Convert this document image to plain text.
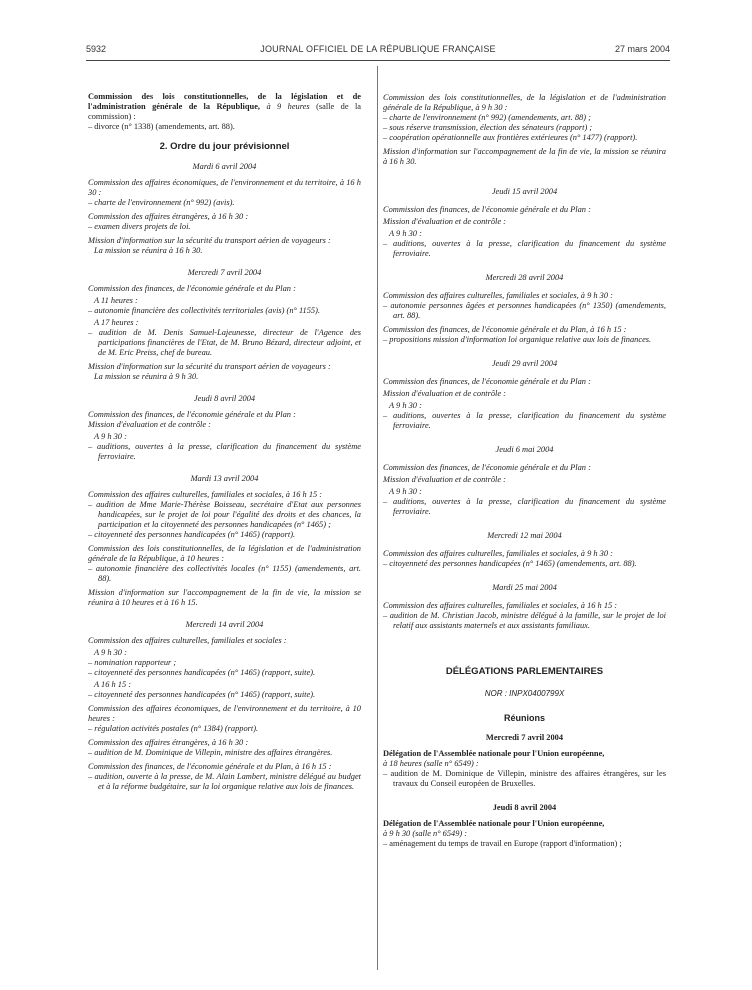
5932	JOURNAL OFFICIEL DE LA RÉPUBLIQUE FRANÇAISE	27 mars 2004

Commission des lois constitutionnelles, de la législation et de l'administration générale de la République, à 9 heures (salle de la commission) :

– divorce (n° 1338) (amendements, art. 88).

2. Ordre du jour prévisionnel

Mardi 6 avril 2004

Commission des affaires économiques, de l'environnement et du territoire, à 16 h 30 :

– charte de l'environnement (n° 992) (avis).

Commission des affaires étrangères, à 16 h 30 :

– examen divers projets de loi.

Mission d'information sur la sécurité du transport aérien de voyageurs :

La mission se réunira à 16 h 30.

Mercredi 7 avril 2004

Commission des finances, de l'économie générale et du Plan :

A 11 heures :

– autonomie financière des collectivités territoriales (avis) (n° 1155).

A 17 heures :

– audition de M. Denis Samuel-Lajeunesse, directeur de l'Agence des participations financières de l'Etat, de M. Bruno Bézard, directeur adjoint, et de M. Eric Preiss, chef de bureau.

Mission d'information sur la sécurité du transport aérien de voyageurs :

La mission se réunira à 9 h 30.

Jeudi 8 avril 2004

Commission des finances, de l'économie générale et du Plan :

Mission d'évaluation et de contrôle :

A 9 h 30 :

– auditions, ouvertes à la presse, clarification du financement du système ferroviaire.

Mardi 13 avril 2004

Commission des affaires culturelles, familiales et sociales, à 16 h 15 :

– audition de Mme Marie-Thérèse Boisseau, secrétaire d'Etat aux personnes handicapées, sur le projet de loi pour l'égalité des droits et des chances, la participation et la citoyenneté des personnes handicapées (n° 1465) ;

– citoyenneté des personnes handicapées (n° 1465) (rapport).

Commission des lois constitutionnelles, de la législation et de l'administration générale de la République, à 10 heures :

– autonomie financière des collectivités locales (n° 1155) (amendements, art. 88).

Mission d'information sur l'accompagnement de la fin de vie, la mission se réunira à 10 heures et à 16 h 15.

Mercredi 14 avril 2004

Commission des affaires culturelles, familiales et sociales :

A 9 h 30 :

– nomination rapporteur ;

– citoyenneté des personnes handicapées (n° 1465) (rapport, suite).

A 16 h 15 :

– citoyenneté des personnes handicapées (n° 1465) (rapport, suite).

Commission des affaires économiques, de l'environnement et du territoire, à 10 heures :

– régulation activités postales (n° 1384) (rapport).

Commission des affaires étrangères, à 16 h 30 :

– audition de M. Dominique de Villepin, ministre des affaires étrangères.

Commission des finances, de l'économie générale et du Plan, à 16 h 15 :

– audition, ouverte à la presse, de M. Alain Lambert, ministre délégué au budget et à la réforme budgétaire, sur la loi organique relative aux lois de finances.

Commission des lois constitutionnelles, de la législation et de l'administration générale de la République, à 9 h 30 :

– charte de l'environnement (n° 992) (amendements, art. 88) ;

– sous réserve transmission, élection des sénateurs (rapport) ;

– coopération opérationnelle aux frontières extérieures (n° 1477) (rapport).

Mission d'information sur l'accompagnement de la fin de vie, la mission se réunira à 16 h 30.

Jeudi 15 avril 2004

Commission des finances, de l'économie générale et du Plan :

Mission d'évaluation et de contrôle :

A 9 h 30 :

– auditions, ouvertes à la presse, clarification du financement du système ferroviaire.

Mercredi 28 avril 2004

Commission des affaires culturelles, familiales et sociales, à 9 h 30 :

– autonomie personnes âgées et personnes handicapées (n° 1350) (amendements, art. 88).

Commission des finances, de l'économie générale et du Plan, à 16 h 15 :

– propositions mission d'information loi organique relative aux lois de finances.

Jeudi 29 avril 2004

Commission des finances, de l'économie générale et du Plan :

Mission d'évaluation et de contrôle :

A 9 h 30 :

– auditions, ouvertes à la presse, clarification du financement du système ferroviaire.

Jeudi 6 mai 2004

Commission des finances, de l'économie générale et du Plan :

Mission d'évaluation et de contrôle :

A 9 h 30 :

– auditions, ouvertes à la presse, clarification du financement du système ferroviaire.

Mercredi 12 mai 2004

Commission des affaires culturelles, familiales et sociales, à 9 h 30 :

– citoyenneté des personnes handicapées (n° 1465) (amendements, art. 88).

Mardi 25 mai 2004

Commission des affaires culturelles, familiales et sociales, à 16 h 15 :

– audition de M. Christian Jacob, ministre délégué à la famille, sur le projet de loi relatif aux assistants maternels et aux assistants familiaux.

DÉLÉGATIONS PARLEMENTAIRES

NOR : INPX0400799X

Réunions

Mercredi 7 avril 2004

Délégation de l'Assemblée nationale pour l'Union européenne,

à 18 heures (salle n° 6549) :

– audition de M. Dominique de Villepin, ministre des affaires étrangères, sur les travaux du Conseil européen de Bruxelles.

Jeudi 8 avril 2004

Délégation de l'Assemblée nationale pour l'Union européenne,

à 9 h 30 (salle n° 6549) :

– aménagement du temps de travail en Europe (rapport d'information) ;
